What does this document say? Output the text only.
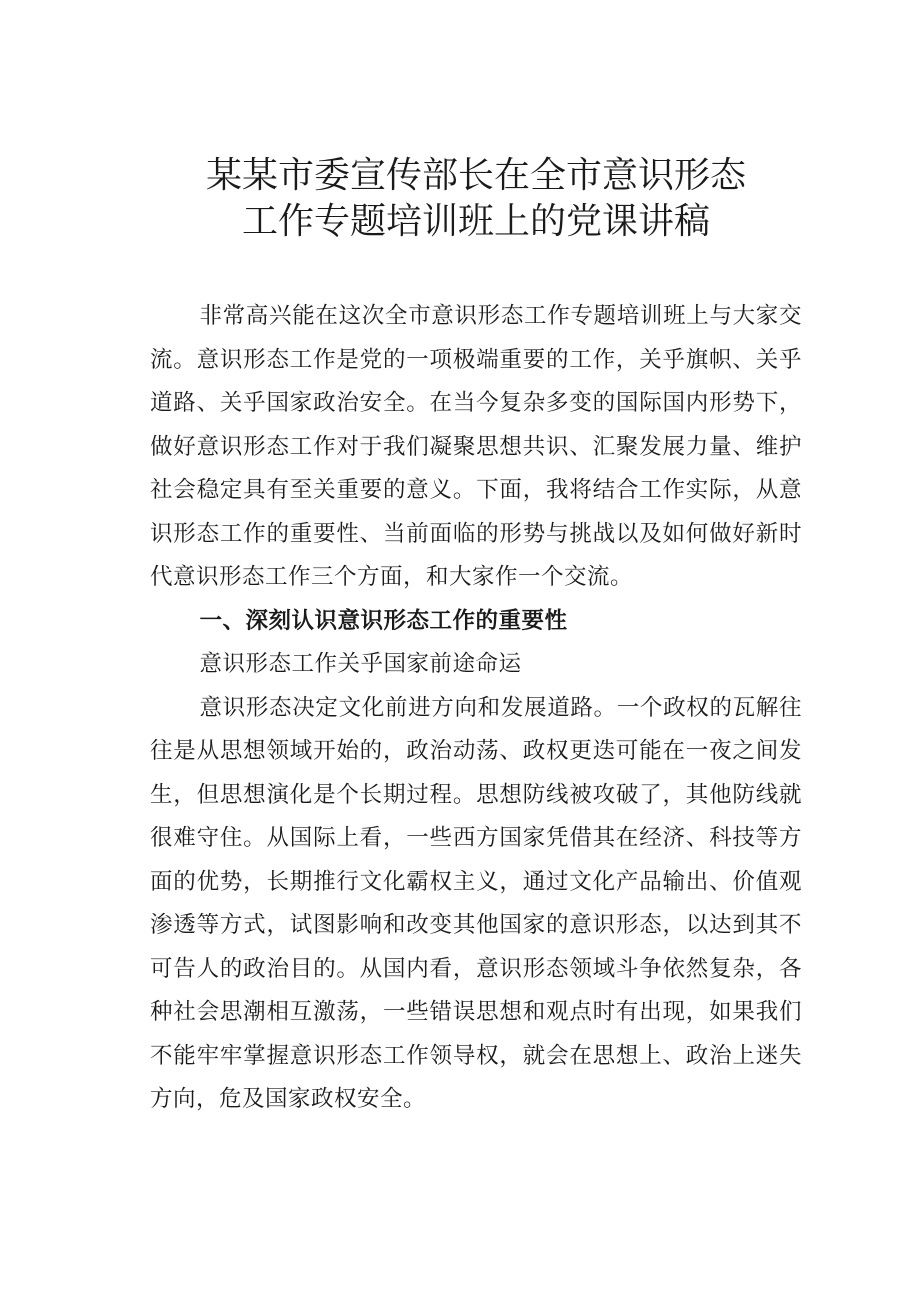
某某市委宣传部长在全市意识形态
工作专题培训班上的党课讲稿

非常高兴能在这次全市意识形态工作专题培训班上与大家交流。意识形态工作是党的一项极端重要的工作，关乎旗帜、关乎道路、关乎国家政治安全。在当今复杂多变的国际国内形势下，做好意识形态工作对于我们凝聚思想共识、汇聚发展力量、维护社会稳定具有至关重要的意义。下面，我将结合工作实际，从意识形态工作的重要性、当前面临的形势与挑战以及如何做好新时代意识形态工作三个方面，和大家作一个交流。

一、深刻认识意识形态工作的重要性

意识形态工作关乎国家前途命运

意识形态决定文化前进方向和发展道路。一个政权的瓦解往往是从思想领域开始的，政治动荡、政权更迭可能在一夜之间发生，但思想演化是个长期过程。思想防线被攻破了，其他防线就很难守住。从国际上看，一些西方国家凭借其在经济、科技等方面的优势，长期推行文化霸权主义，通过文化产品输出、价值观渗透等方式，试图影响和改变其他国家的意识形态，以达到其不可告人的政治目的。从国内看，意识形态领域斗争依然复杂，各种社会思潮相互激荡，一些错误思想和观点时有出现，如果我们不能牢牢掌握意识形态工作领导权，就会在思想上、政治上迷失方向，危及国家政权安全。
